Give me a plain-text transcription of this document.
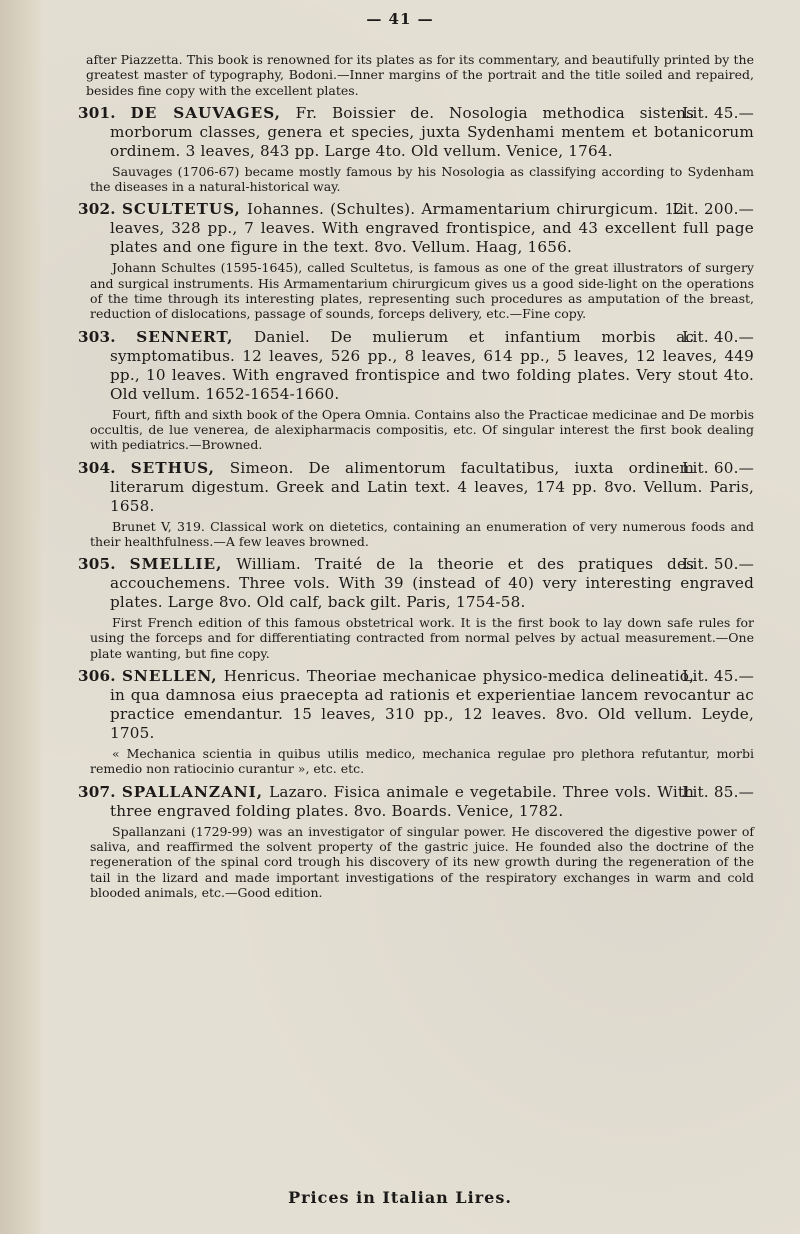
— 41 —

after Piazzetta. This book is renowned for its plates as for its commentary, and beautifully printed by the greatest master of typography, Bodoni.—Inner margins of the portrait and the title soiled and repaired, besides fine copy with the excellent plates.

Lit. 45.—
301. DE SAUVAGES, Fr. Boissier de. Nosologia methodica sistens morborum classes, genera et species, juxta Sydenhami mentem et botanicorum ordinem. 3 leaves, 843 pp. Large 4to. Old vellum. Venice, 1764.

Sauvages (1706-67) became mostly famous by his Nosologia as classifying according to Sydenham the diseases in a natural-historical way.

Lit. 200.—
302. SCULTETUS, Iohannes. (Schultes). Armamentarium chirurgicum. 12 leaves, 328 pp., 7 leaves. With engraved frontispice, and 43 excellent full page plates and one figure in the text. 8vo. Vellum. Haag, 1656.

Johann Schultes (1595-1645), called Scultetus, is famous as one of the great illustrators of surgery and surgical instruments. His Armamentarium chirurgicum gives us a good side-light on the operations of the time through its interesting plates, representing such procedures as amputation of the breast, reduction of dislocations, passage of sounds, forceps delivery, etc.—Fine copy.

Lit. 40.—
303. SENNERT, Daniel. De mulierum et infantium morbis ac symptomatibus. 12 leaves, 526 pp., 8 leaves, 614 pp., 5 leaves, 12 leaves, 449 pp., 10 leaves. With engraved frontispice and two folding plates. Very stout 4to. Old vellum. 1652-1654-1660.

Fourt, fifth and sixth book of the Opera Omnia. Contains also the Practicae medicinae and De morbis occultis, de lue venerea, de alexipharmacis compositis, etc. Of singular interest the first book dealing with pediatrics.—Browned.

Lit. 60.—
304. SETHUS, Simeon. De alimentorum facultatibus, iuxta ordinem literarum digestum. Greek and Latin text. 4 leaves, 174 pp. 8vo. Vellum. Paris, 1658.

Brunet V, 319. Classical work on dietetics, containing an enumeration of very numerous foods and their healthfulness.—A few leaves browned.

Lit. 50.—
305. SMELLIE, William. Traité de la theorie et des pratiques des accouchemens. Three vols. With 39 (instead of 40) very interesting engraved plates. Large 8vo. Old calf, back gilt. Paris, 1754-58.

First French edition of this famous obstetrical work. It is the first book to lay down safe rules for using the forceps and for differentiating contracted from normal pelves by actual measurement.—One plate wanting, but fine copy.

Lit. 45.—
306. SNELLEN, Henricus. Theoriae mechanicae physico-medica delineatio, in qua damnosa eius praecepta ad rationis et experientiae lancem revocantur ac practice emendantur. 15 leaves, 310 pp., 12 leaves. 8vo. Old vellum. Leyde, 1705.

« Mechanica scientia in quibus utilis medico, mechanica regulae pro plethora refutantur, morbi remedio non ratiocinio curantur », etc. etc.

Lit. 85.—
307. SPALLANZANI, Lazaro. Fisica animale e vegetabile. Three vols. With three engraved folding plates. 8vo. Boards. Venice, 1782.

Spallanzani (1729-99) was an investigator of singular power. He discovered the digestive power of saliva, and reaffirmed the solvent property of the gastric juice. He founded also the doctrine of the regeneration of the spinal cord trough his discovery of its new growth during the regeneration of the tail in the lizard and made important investigations of the respiratory exchanges in warm and cold blooded animals, etc.—Good edition.

Prices in Italian Lires.
